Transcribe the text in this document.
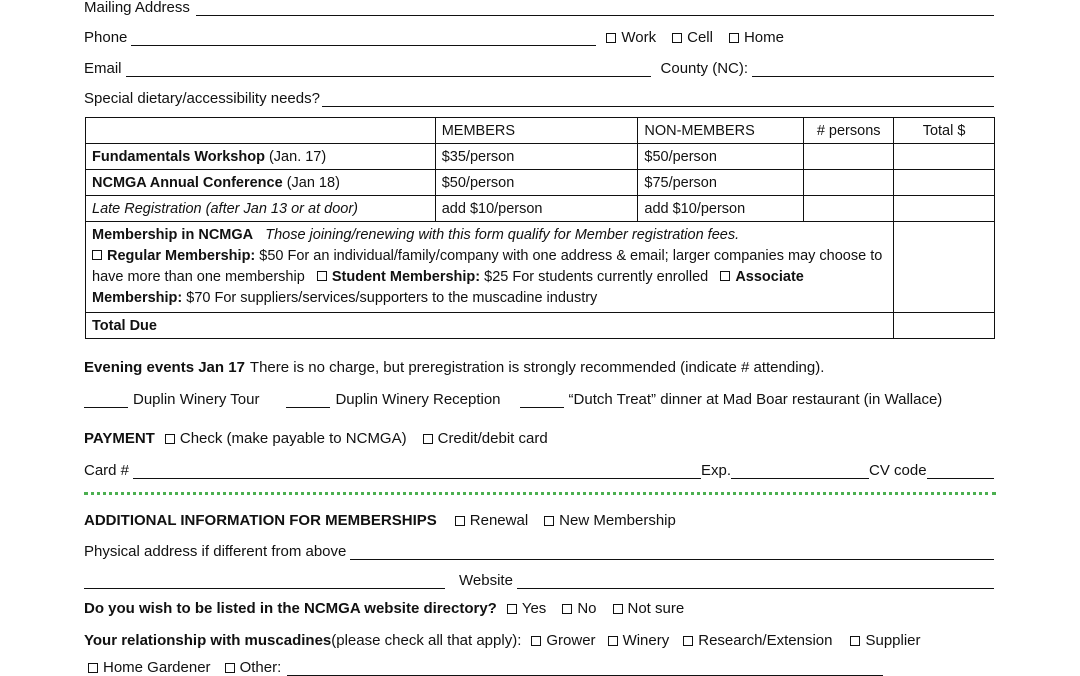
Mailing Address
Phone	Work Cell Home
Email	County (NC):
Special dietary/accessibility needs?
	MEMBERS	NON-MEMBERS	# persons	Total $
Fundamentals Workshop (Jan. 17)	$35/person	$50/person		
NCMGA Annual Conference (Jan 18)	$50/person	$75/person		
Late Registration (after Jan 13 or at door)	add $10/person	add $10/person		
Membership in NCMGA Those joining/renewing with this form qualify for Member registration fees.
Regular Membership: $50 For an individual/family/company with one address & email; larger companies may choose to have more than one membership Student Membership: $25 For students currently enrolled Associate Membership: $70 For suppliers/services/supporters to the muscadine industry				
Total Due				
Evening events Jan 17 There is no charge, but preregistration is strongly recommended (indicate # attending).
Duplin Winery Tour	Duplin Winery Reception	“Dutch Treat” dinner at Mad Boar restaurant (in Wallace)
PAYMENT Check (make payable to NCMGA) Credit/debit card
Card #	Exp.	CV code
ADDITIONAL INFORMATION FOR MEMBERSHIPS Renewal New Membership
Physical address if different from above
Website
Do you wish to be listed in the NCMGA website directory? Yes No Not sure
Your relationship with muscadines (please check all that apply): Grower Winery Research/Extension Supplier
Home Gardener Other:
